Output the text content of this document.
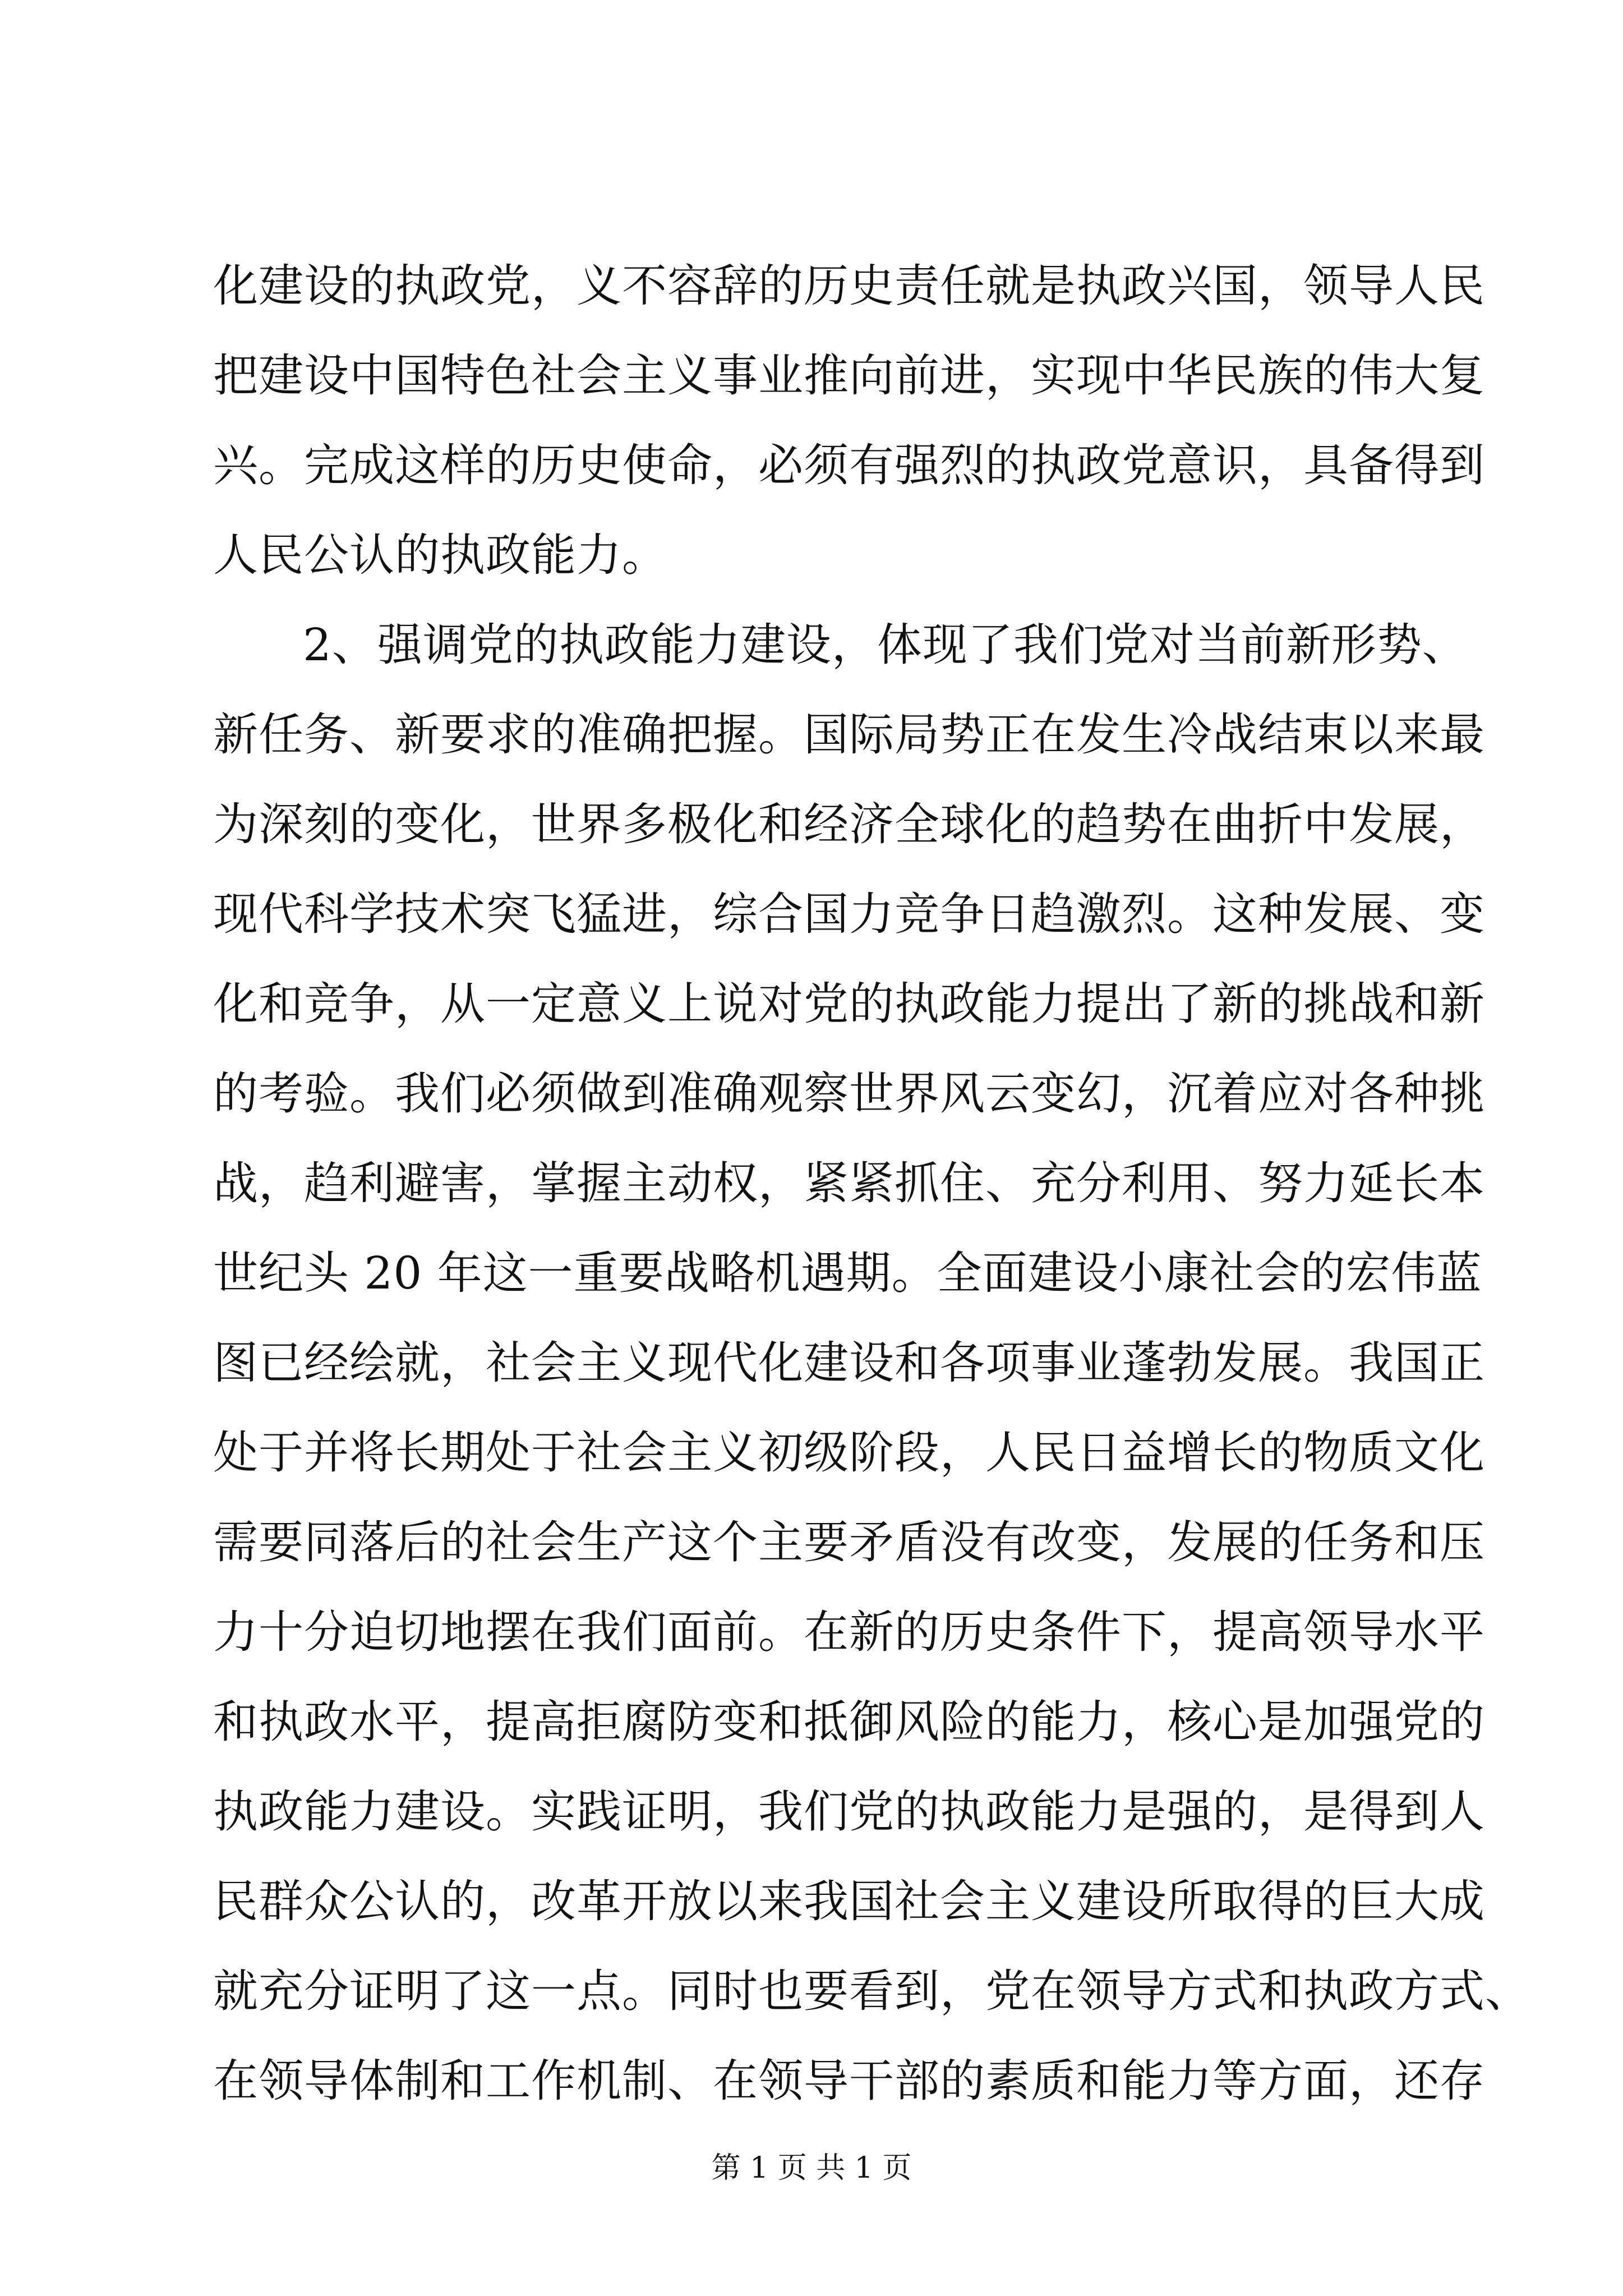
化建设的执政党，义不容辞的历史责任就是执政兴国，领导人民
把建设中国特色社会主义事业推向前进，实现中华民族的伟大复
兴。完成这样的历史使命，必须有强烈的执政党意识，具备得到
人民公认的执政能力。
2、强调党的执政能力建设，体现了我们党对当前新形势、
新任务、新要求的准确把握。国际局势正在发生冷战结束以来最
为深刻的变化，世界多极化和经济全球化的趋势在曲折中发展，
现代科学技术突飞猛进，综合国力竞争日趋激烈。这种发展、变
化和竞争，从一定意义上说对党的执政能力提出了新的挑战和新
的考验。我们必须做到准确观察世界风云变幻，沉着应对各种挑
战，趋利避害，掌握主动权，紧紧抓住、充分利用、努力延长本
世纪头 20 年这一重要战略机遇期。全面建设小康社会的宏伟蓝
图已经绘就，社会主义现代化建设和各项事业蓬勃发展。我国正
处于并将长期处于社会主义初级阶段，人民日益增长的物质文化
需要同落后的社会生产这个主要矛盾没有改变，发展的任务和压
力十分迫切地摆在我们面前。在新的历史条件下，提高领导水平
和执政水平，提高拒腐防变和抵御风险的能力，核心是加强党的
执政能力建设。实践证明，我们党的执政能力是强的，是得到人
民群众公认的，改革开放以来我国社会主义建设所取得的巨大成
就充分证明了这一点。同时也要看到，党在领导方式和执政方式、
在领导体制和工作机制、在领导干部的素质和能力等方面，还存
第 1 页 共 1 页
